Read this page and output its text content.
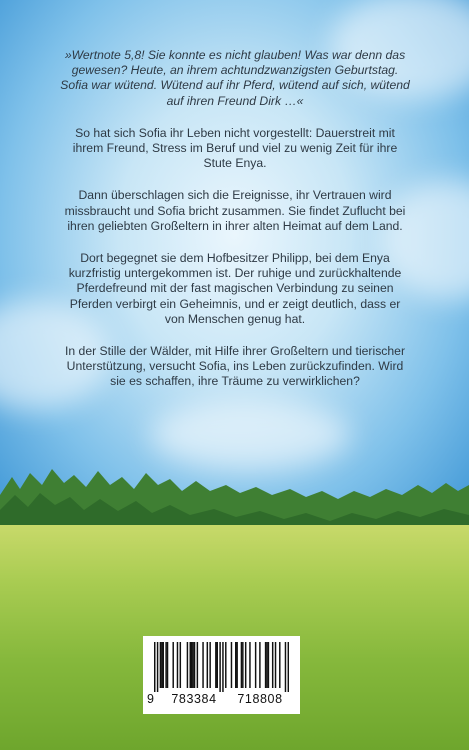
»Wertnote 5,8! Sie konnte es nicht glauben! Was war denn das gewesen? Heute, an ihrem achtundzwanzigsten Geburtstag. Sofia war wütend. Wütend auf ihr Pferd, wütend auf sich, wütend auf ihren Freund Dirk …«

So hat sich Sofia ihr Leben nicht vorgestellt: Dauerstreit mit ihrem Freund, Stress im Beruf und viel zu wenig Zeit für ihre Stute Enya.

Dann überschlagen sich die Ereignisse, ihr Vertrauen wird missbraucht und Sofia bricht zusammen. Sie findet Zuflucht bei ihren geliebten Großeltern in ihrer alten Heimat auf dem Land.

Dort begegnet sie dem Hofbesitzer Philipp, bei dem Enya kurzfristig untergekommen ist. Der ruhige und zurückhaltende Pferdefreund mit der fast magischen Verbindung zu seinen Pferden verbirgt ein Geheimnis, und er zeigt deutlich, dass er von Menschen genug hat.

In der Stille der Wälder, mit Hilfe ihrer Großeltern und tierischer Unterstützung, versucht Sofia, ins Leben zurückzufinden. Wird sie es schaffen, ihre Träume zu verwirklichen?

9	783384	718808
